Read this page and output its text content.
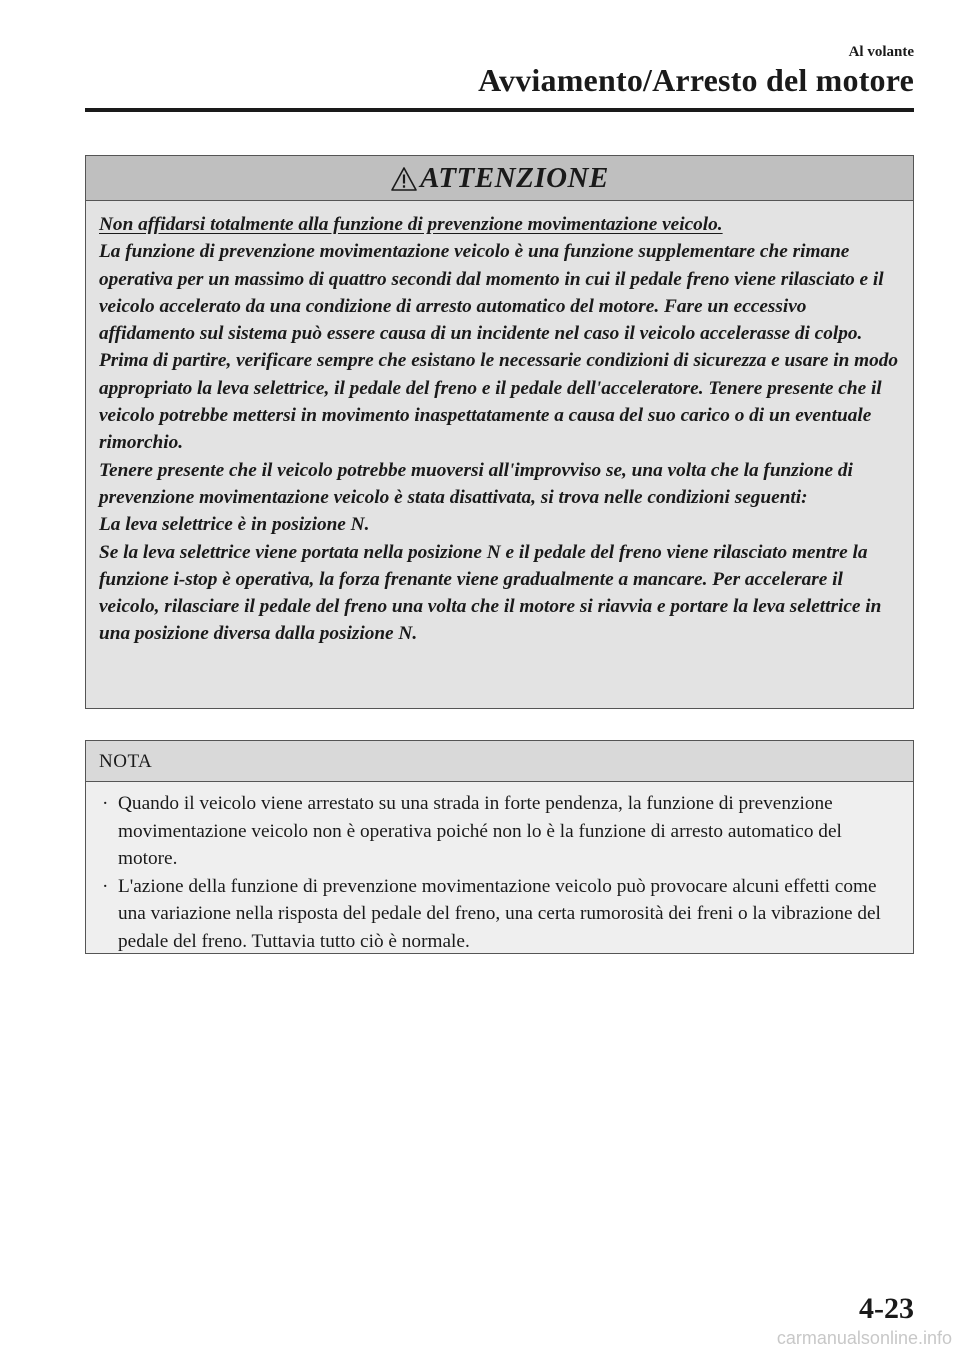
Al volante
Avviamento/Arresto del motore
ATTENZIONE

Non affidarsi totalmente alla funzione di prevenzione movimentazione veicolo.

La funzione di prevenzione movimentazione veicolo è una funzione supplementare che rimane operativa per un massimo di quattro secondi dal momento in cui il pedale freno viene rilasciato e il veicolo accelerato da una condizione di arresto automatico del motore. Fare un eccessivo affidamento sul sistema può essere causa di un incidente nel caso il veicolo accelerasse di colpo. Prima di partire, verificare sempre che esistano le necessarie condizioni di sicurezza e usare in modo appropriato la leva selettrice, il pedale del freno e il pedale dell'acceleratore. Tenere presente che il veicolo potrebbe mettersi in movimento inaspettatamente a causa del suo carico o di un eventuale rimorchio.

Tenere presente che il veicolo potrebbe muoversi all'improvviso se, una volta che la funzione di prevenzione movimentazione veicolo è stata disattivata, si trova nelle condizioni seguenti:

La leva selettrice è in posizione N.

Se la leva selettrice viene portata nella posizione N e il pedale del freno viene rilasciato mentre la funzione i-stop è operativa, la forza frenante viene gradualmente a mancare. Per accelerare il veicolo, rilasciare il pedale del freno una volta che il motore si riavvia e portare la leva selettrice in una posizione diversa dalla posizione N.

NOTA
· Quando il veicolo viene arrestato su una strada in forte pendenza, la funzione di prevenzione movimentazione veicolo non è operativa poiché non lo è la funzione di arresto automatico del motore.
· L'azione della funzione di prevenzione movimentazione veicolo può provocare alcuni effetti come una variazione nella risposta del pedale del freno, una certa rumorosità dei freni o la vibrazione del pedale del freno. Tuttavia tutto ciò è normale.
4-23
carmanualsonline.info
